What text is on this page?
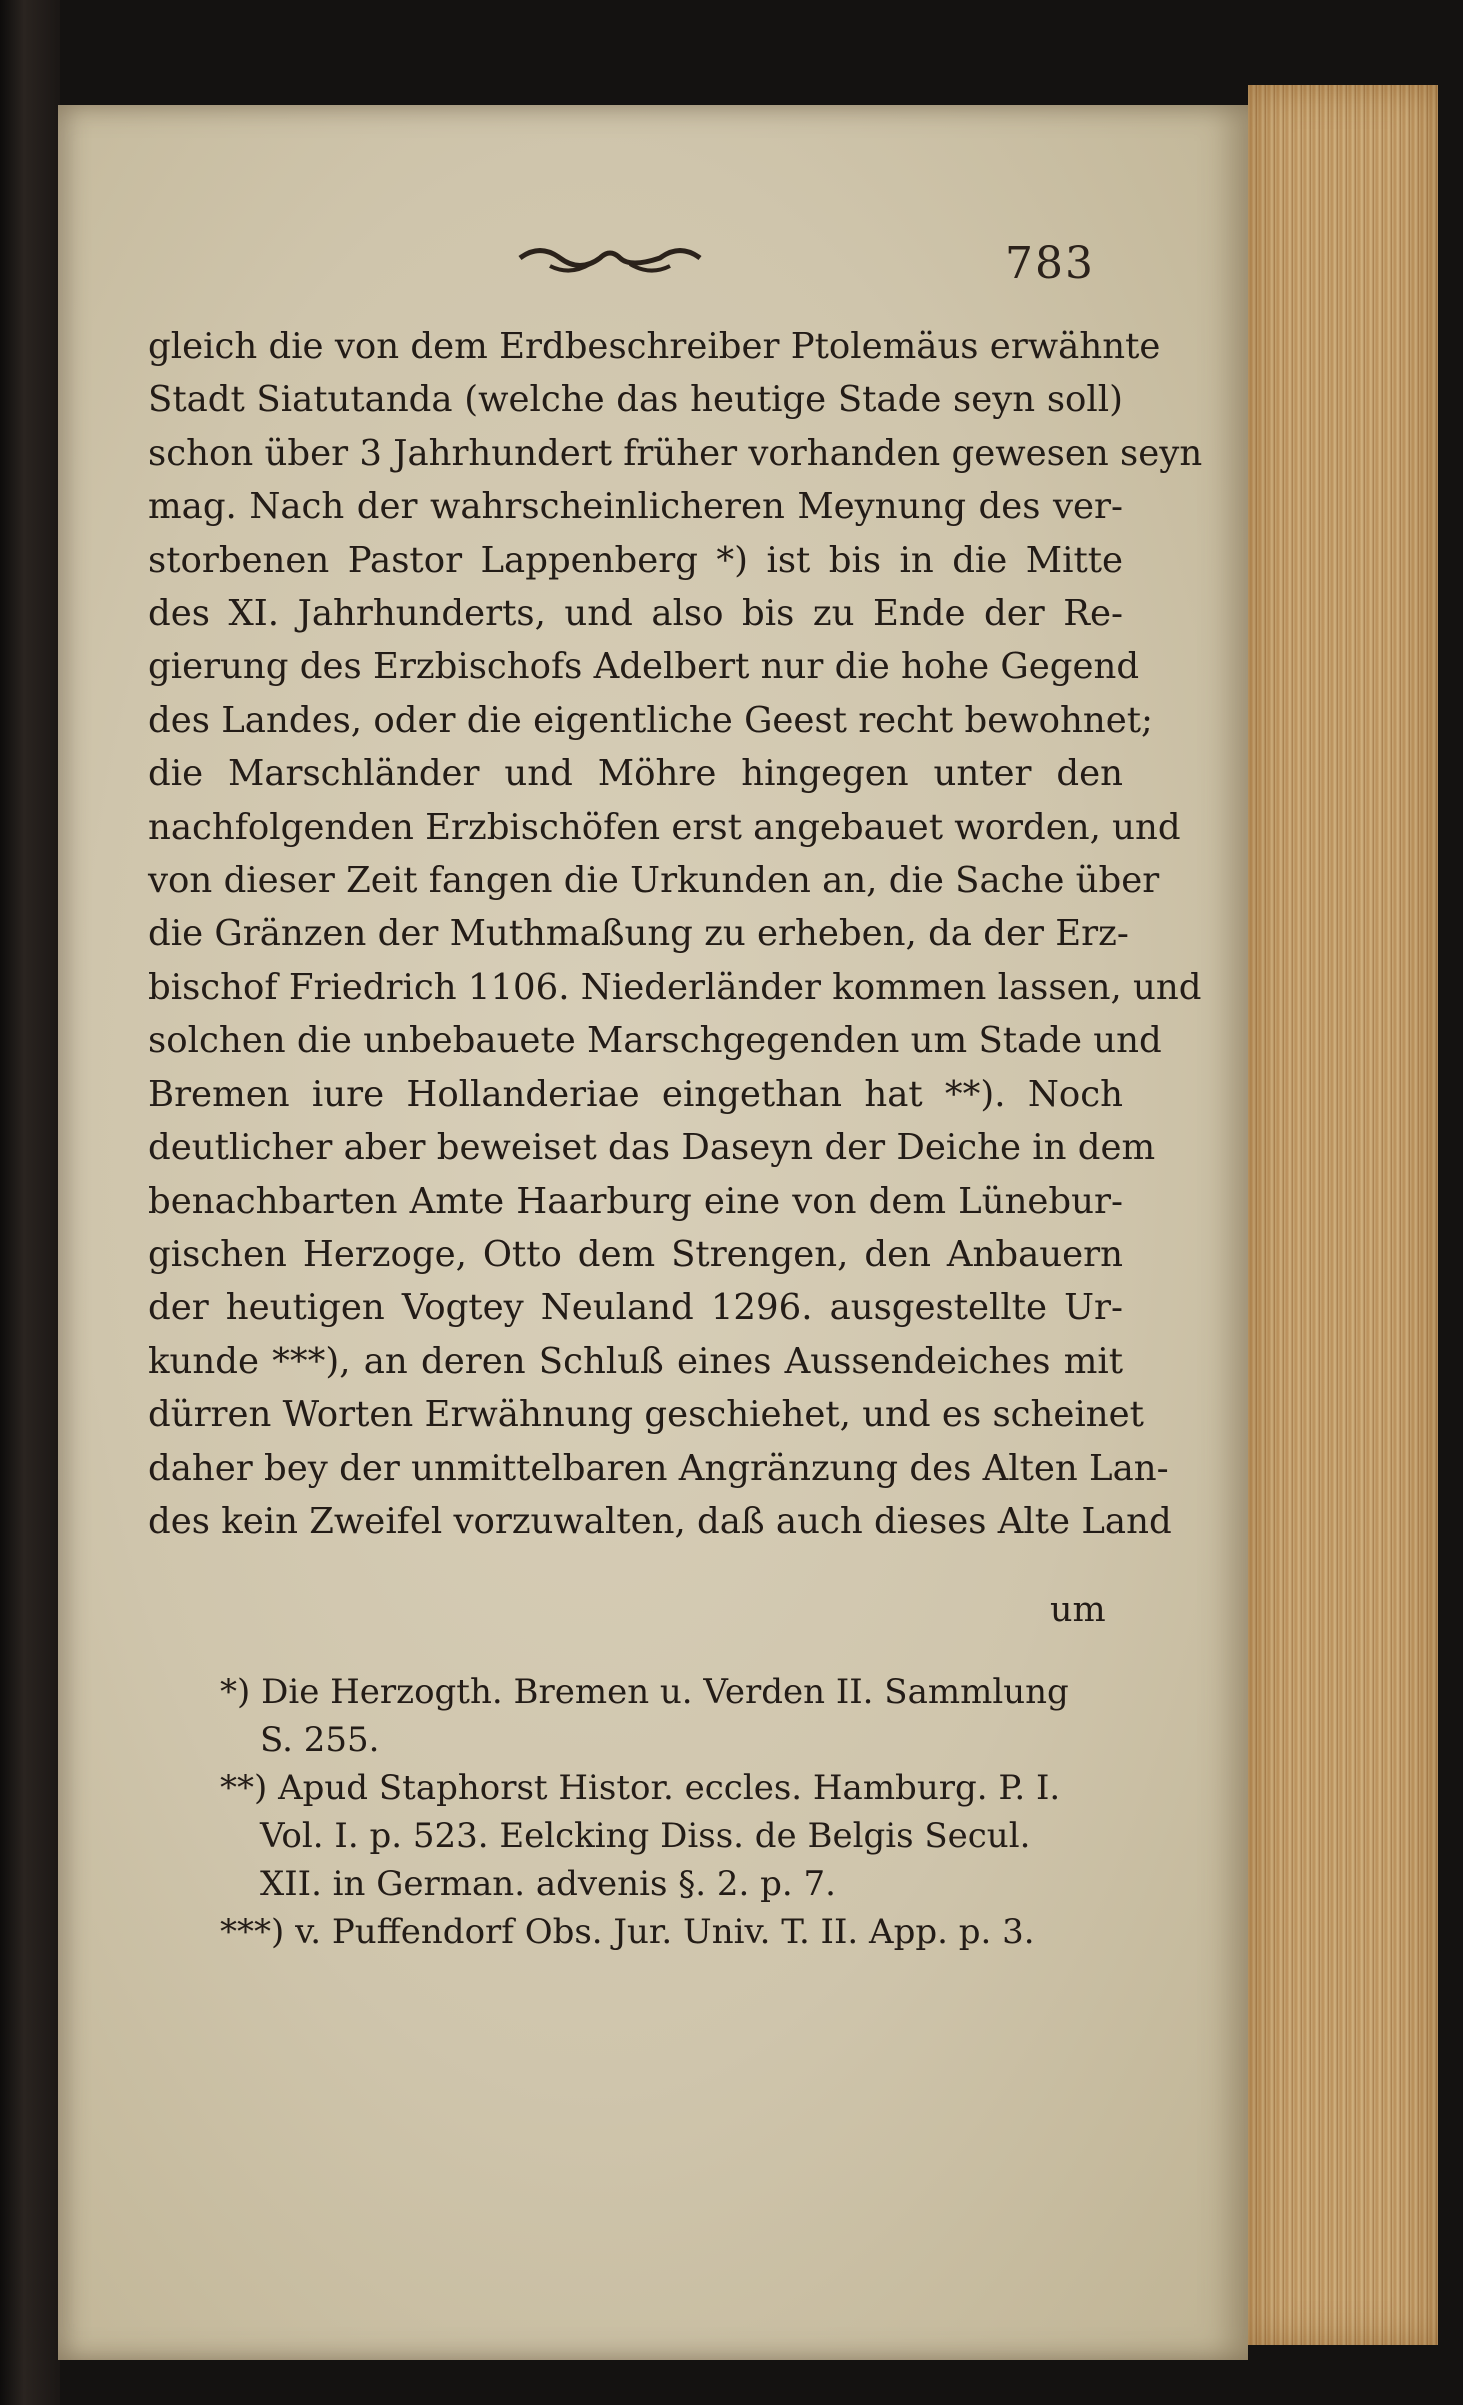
783
gleich die von dem Erdbeschreiber Ptolemäus erwähnte
Stadt Siatutanda (welche das heutige Stade seyn soll)
schon über 3 Jahrhundert früher vorhanden gewesen seyn
mag. Nach der wahrscheinlicheren Meynung des ver-
storbenen Pastor Lappenberg *) ist bis in die Mitte
des XI. Jahrhunderts, und also bis zu Ende der Re-
gierung des Erzbischofs Adelbert nur die hohe Gegend
des Landes, oder die eigentliche Geest recht bewohnet;
die Marschländer und Möhre hingegen unter den
nachfolgenden Erzbischöfen erst angebauet worden, und
von dieser Zeit fangen die Urkunden an, die Sache über
die Gränzen der Muthmaßung zu erheben, da der Erz-
bischof Friedrich 1106. Niederländer kommen lassen, und
solchen die unbebauete Marschgegenden um Stade und
Bremen iure Hollanderiae eingethan hat **). Noch
deutlicher aber beweiset das Daseyn der Deiche in dem
benachbarten Amte Haarburg eine von dem Lünebur-
gischen Herzoge, Otto dem Strengen, den Anbauern
der heutigen Vogtey Neuland 1296. ausgestellte Ur-
kunde ***), an deren Schluß eines Aussendeiches mit
dürren Worten Erwähnung geschiehet, und es scheinet
daher bey der unmittelbaren Angränzung des Alten Lan-
des kein Zweifel vorzuwalten, daß auch dieses Alte Land
um
*) Die Herzogth. Bremen u. Verden II. Sammlung
S. 255.
**) Apud Staphorst Histor. eccles. Hamburg. P. I.
Vol. I. p. 523. Eelcking Diss. de Belgis Secul.
XII. in German. advenis §. 2. p. 7.
***) v. Puffendorf Obs. Jur. Univ. T. II. App. p. 3.
